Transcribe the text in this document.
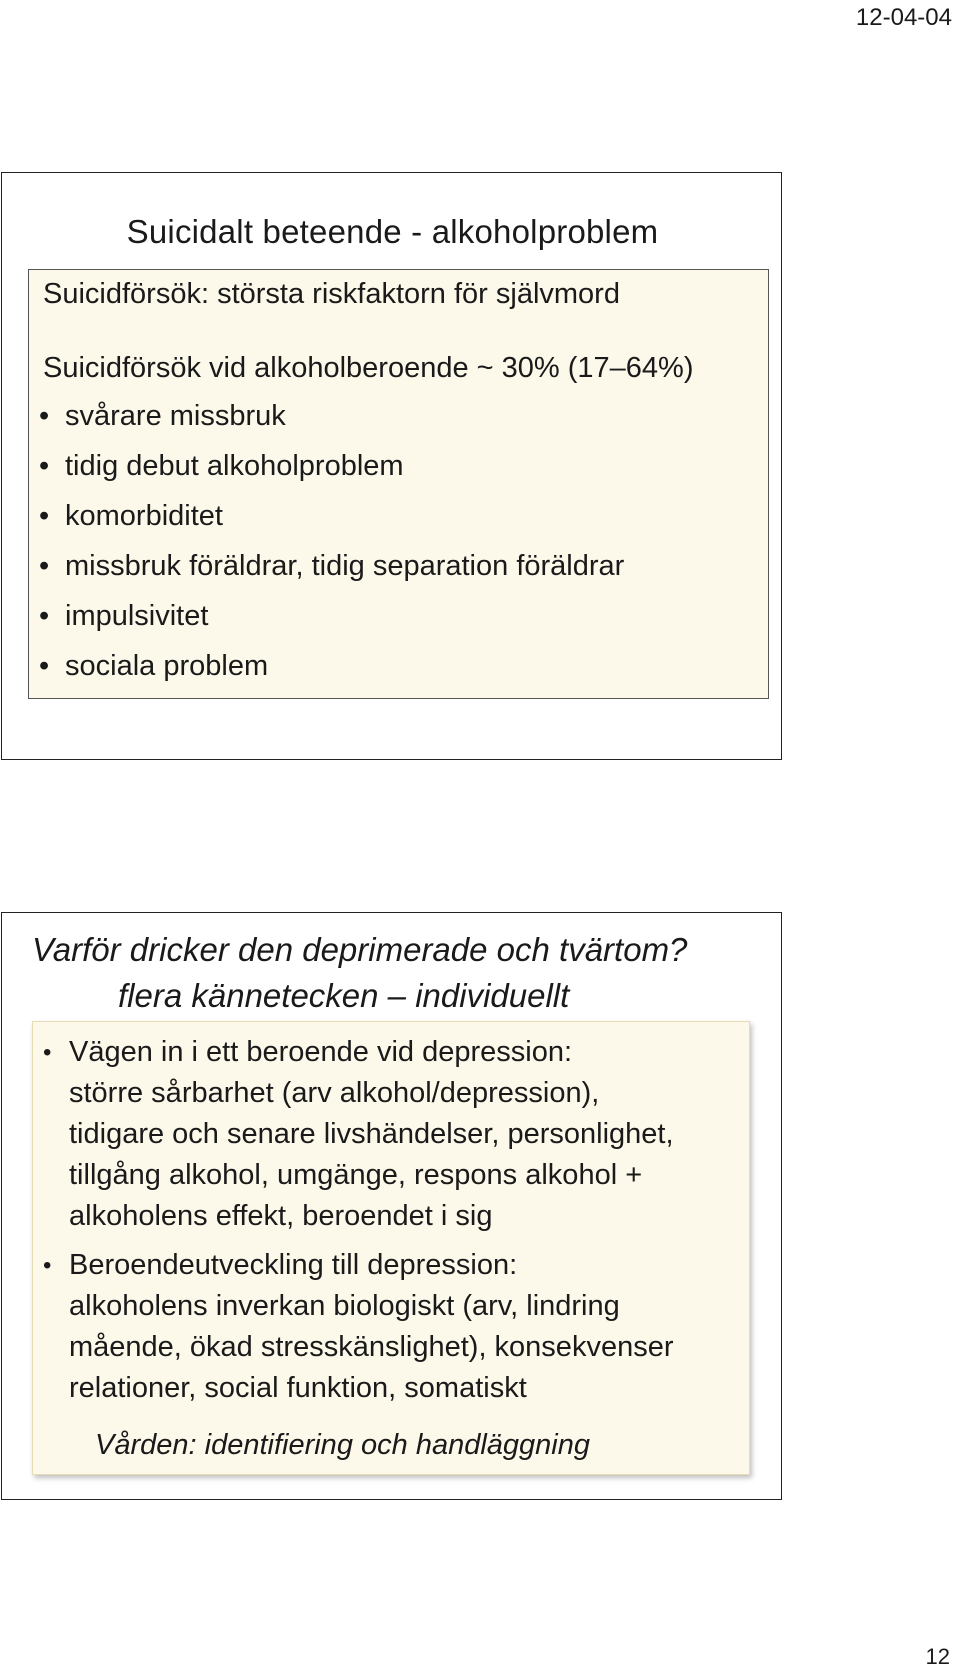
12-04-04
Suicidalt beteende - alkoholproblem
Suicidförsök: största riskfaktorn för självmord
Suicidförsök vid alkoholberoende ~ 30% (17–64%)
• svårare missbruk
• tidig debut alkoholproblem
• komorbiditet
• missbruk föräldrar, tidig separation föräldrar
• impulsivitet
• sociala problem
Varför dricker den deprimerade och tvärtom?
flera kännetecken – individuellt
• Vägen in i ett beroende vid depression:
större sårbarhet (arv alkohol/depression),
tidigare och senare livshändelser, personlighet,
tillgång alkohol, umgänge, respons alkohol +
alkoholens effekt, beroendet i sig
• Beroendeutveckling till depression:
alkoholens inverkan biologiskt (arv, lindring
mående, ökad stresskänslighet), konsekvenser
relationer, social funktion, somatiskt
Vården: identifiering och handläggning
12
